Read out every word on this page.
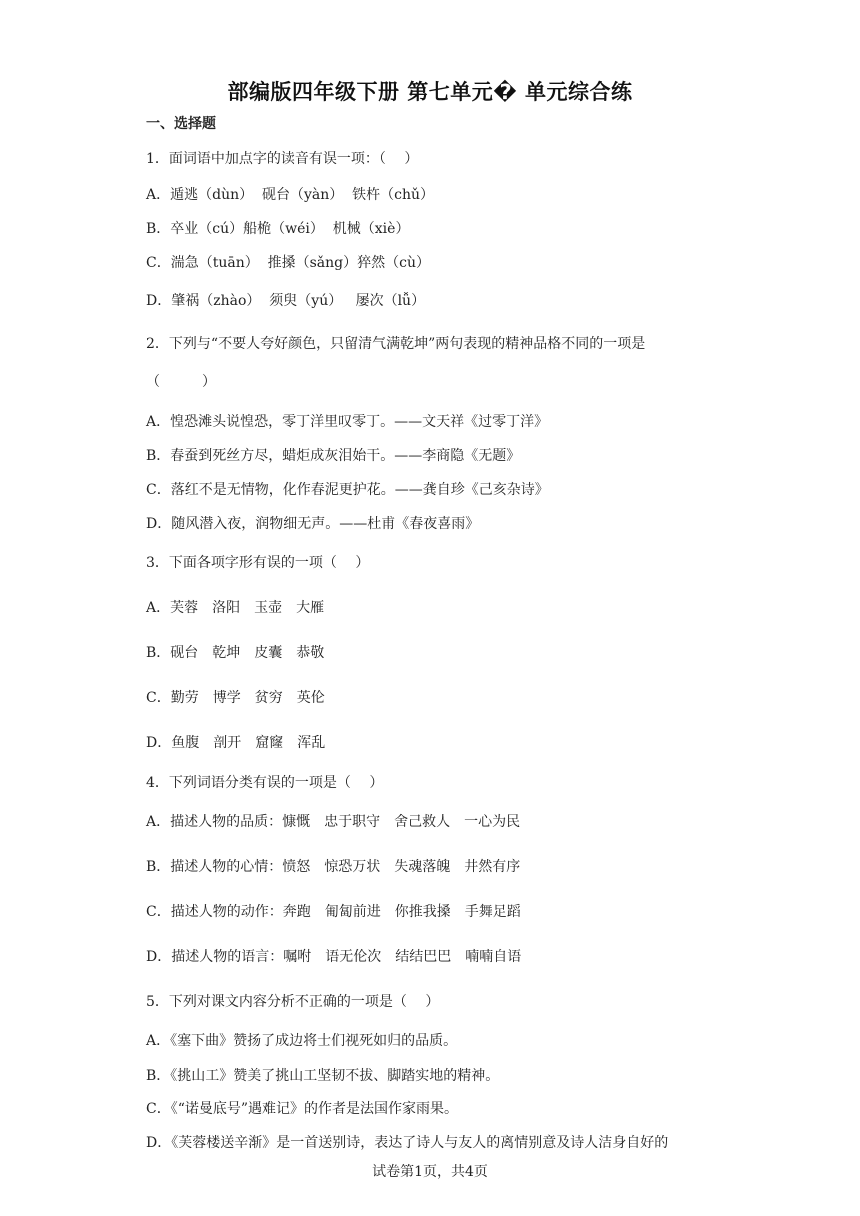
部编版四年级下册 第七单元� 单元综合练
一、选择题
1．面词语中加点字的读音有误一项：（　 ）
A．遁逃（dùn）  砚台（yàn）  铁杵（chǔ）
B．卒业（cú）船桅（wéi）  机械（xiè）
C．湍急（tuān）  推搡（sǎng）猝然（cù）
D．肇祸（zhào）  须臾（yú）   屡次（lǚ）
2．下列与“不要人夸好颜色，只留清气满乾坤”两句表现的精神品格不同的一项是
（　　　）
A．惶恐滩头说惶恐，零丁洋里叹零丁。——文天祥《过零丁洋》
B．春蚕到死丝方尽，蜡炬成灰泪始干。——李商隐《无题》
C．落红不是无情物，化作春泥更护花。——龚自珍《己亥杂诗》
D．随风潜入夜，润物细无声。——杜甫《春夜喜雨》
3．下面各项字形有误的一项（　 ）
A．芙蓉　洛阳　玉壶　大雁
B．砚台　乾坤　皮囊　恭敬
C．勤劳　博学　贫穷　英伦
D．鱼腹　剖开　窟窿　浑乱
4．下列词语分类有误的一项是（　 ）
A．描述人物的品质：慷慨　忠于职守　舍己救人　一心为民
B．描述人物的心情：愤怒　惊恐万状　失魂落魄　井然有序
C．描述人物的动作：奔跑　匍匐前进　你推我搡　手舞足蹈
D．描述人物的语言：嘱咐　语无伦次　结结巴巴　喃喃自语
5．下列对课文内容分析不正确的一项是（　 ）
A．《塞下曲》赞扬了成边将士们视死如归的品质。
B．《挑山工》赞美了挑山工坚韧不拔、脚踏实地的精神。
C．《“诺曼底号”遇难记》的作者是法国作家雨果。
D．《芙蓉楼送辛渐》是一首送别诗，表达了诗人与友人的离情别意及诗人洁身自好的
试卷第1页，共4页
